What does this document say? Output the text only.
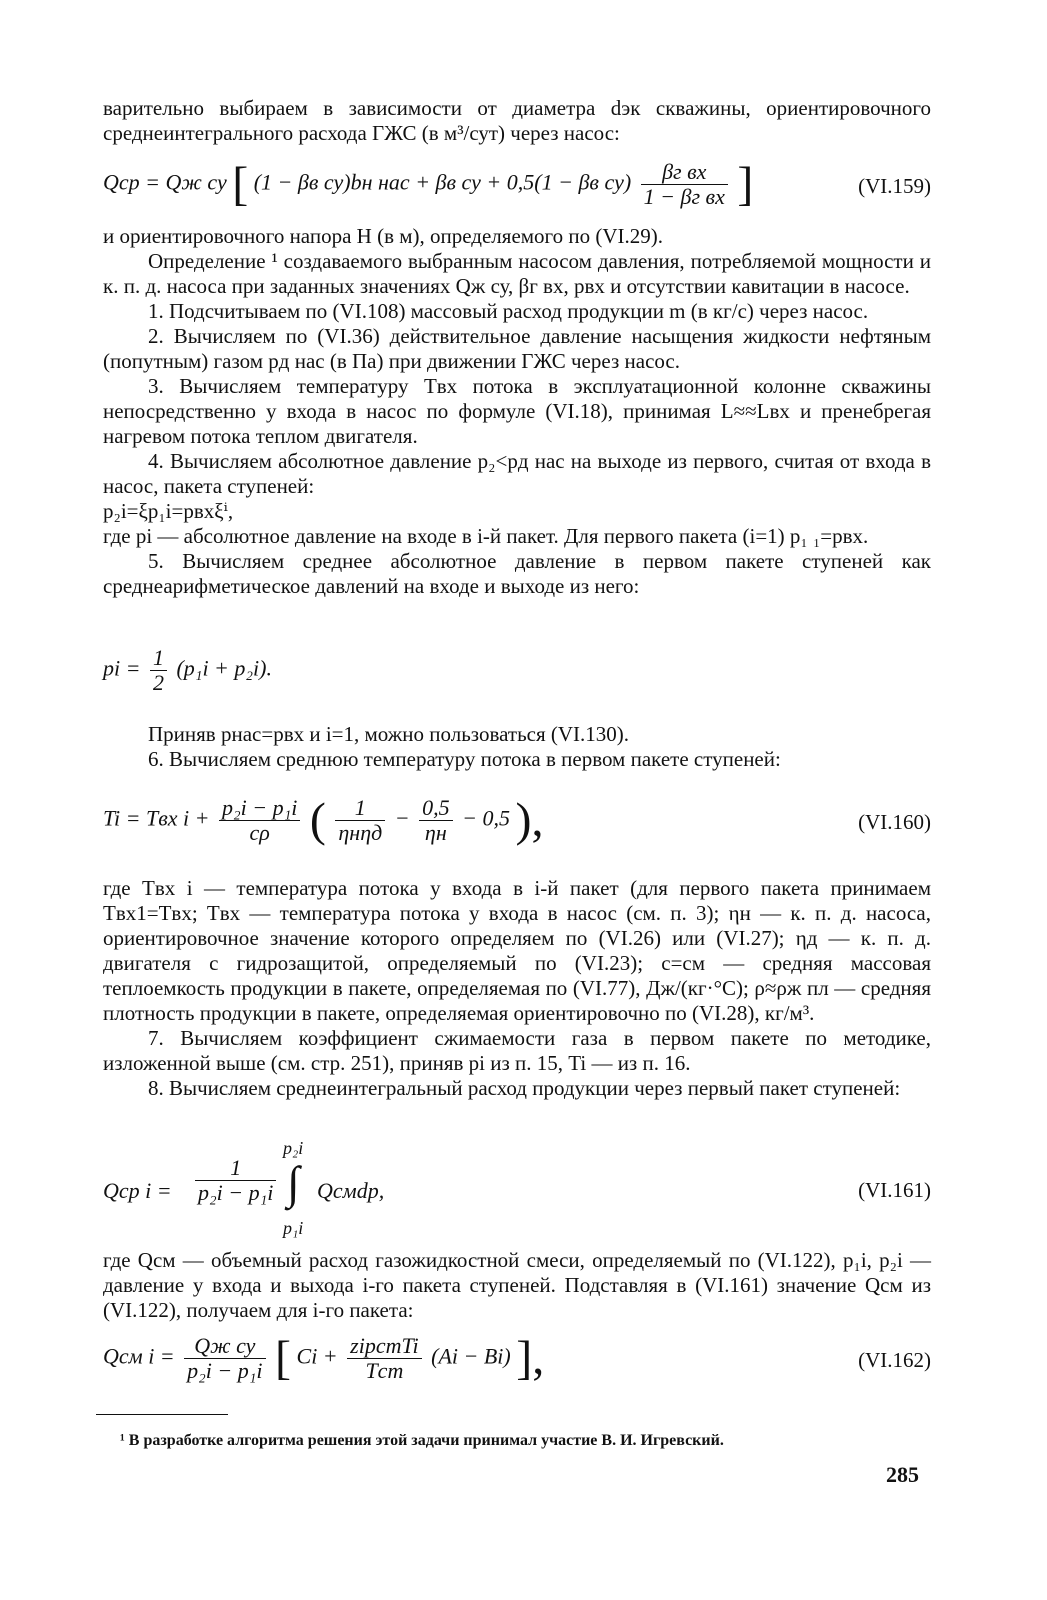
варительно выбираем в зависимости от диаметра dэк скважины, ориентировочного среднеинтегрального расхода ГЖС (в м³/сут) через насос:

Qср = Qж су [ (1 − βв су)bн нас + βв су + 0,5(1 − βв $су) \frac{\text{βг вх}}{\text{1 − βг вх}}$ ]	(VI.159)

и ориентировочного напора H (в м), определяемого по (VI.29).

Определение ¹ создаваемого выбранным насосом давления, потребляемой мощности и к. п. д. насоса при заданных значениях Qж су, βг вх, pвх и отсутствии кавитации в насосе.

1. Подсчитываем по (VI.108) массовый расход продукции m (в кг/с) через насос.

2. Вычисляем по (VI.36) действительное давление насыщения жидкости нефтяным (попутным) газом pд нас (в Па) при движении ГЖС через насос.

3. Вычисляем температуру Tвх потока в эксплуатационной колонне скважины непосредственно у входа в насос по формуле (VI.18), принимая L≈≈Lвх и пренебрегая нагревом потока теплом двигателя.

4. Вычисляем абсолютное давление p₂<pд нас на выходе из первого, считая от входа в насос, пакета ступеней:

p₂i=ξp₁i=pвхξⁱ,

где pi — абсолютное давление на входе в i-й пакет. Для первого пакета (i=1) p₁ ₁=pвх.

5. Вычисляем среднее абсолютное давление в первом пакете ступеней как среднеарифметическое давлений на входе и выходе из него:

pi = $\frac{1}{2} (p_1i + p_2i)$.

Приняв pнас=pвх и i=1, можно пользоваться (VI.130).

6. Вычисляем среднюю температуру потока в первом пакете ступеней:

Ti = Tвх $i + \frac{\text{p₂i − p₁i}}{c\rho}$ ( $\frac{1}{\text{ηнηд}} - \frac{0,5}{\eta н} - 0,5$ ),	(VI.160)

где Tвх i — температура потока у входа в i-й пакет (для первого пакета принимаем Tвх1=Tвх; Tвх — температура потока у входа в насос (см. п. 3); ηн — к. п. д. насоса, ориентировочное значение которого определяем по (VI.26) или (VI.27); ηд — к. п. д. двигателя с гидрозащитой, определяемый по (VI.23); c=cм — средняя массовая теплоемкость продукции в пакете, определяемая по (VI.77), Дж/(кг·°С); ρ≈ρж пл — средняя плотность продукции в пакете, определяемая ориентировочно по (VI.28), кг/м³.

7. Вычисляем коэффициент сжимаемости газа в первом пакете по методике, изложенной выше (см. стр. 251), приняв pi из п. 15, Ti — из п. 16.

8. Вычисляем среднеинтегральный расход продукции через первый пакет ступеней:

Qср $i = \frac{1}{\text{p₂i − p₁i}}$
p₂i
∫
p₁i
Qсмdp,	(VI.161)

где Qсм — объемный расход газожидкостной смеси, определяемый по (VI.122), p₁i, p₂i — давление у входа и выхода i-го пакета ступеней. Подставляя в (VI.161) значение Qсм из (VI.122), получаем для i-го пакета:

Qсм $i = \frac{\text{Qж су}}{\text{p₂i − p₁i}}$ [ $Ci + \frac{\text{ziрстTi}}{\text{Tст}} (Ai - Bi)$ ],	(VI.162)
¹ В разработке алгоритма решения этой задачи принимал участие В. И. Игревский.
285
